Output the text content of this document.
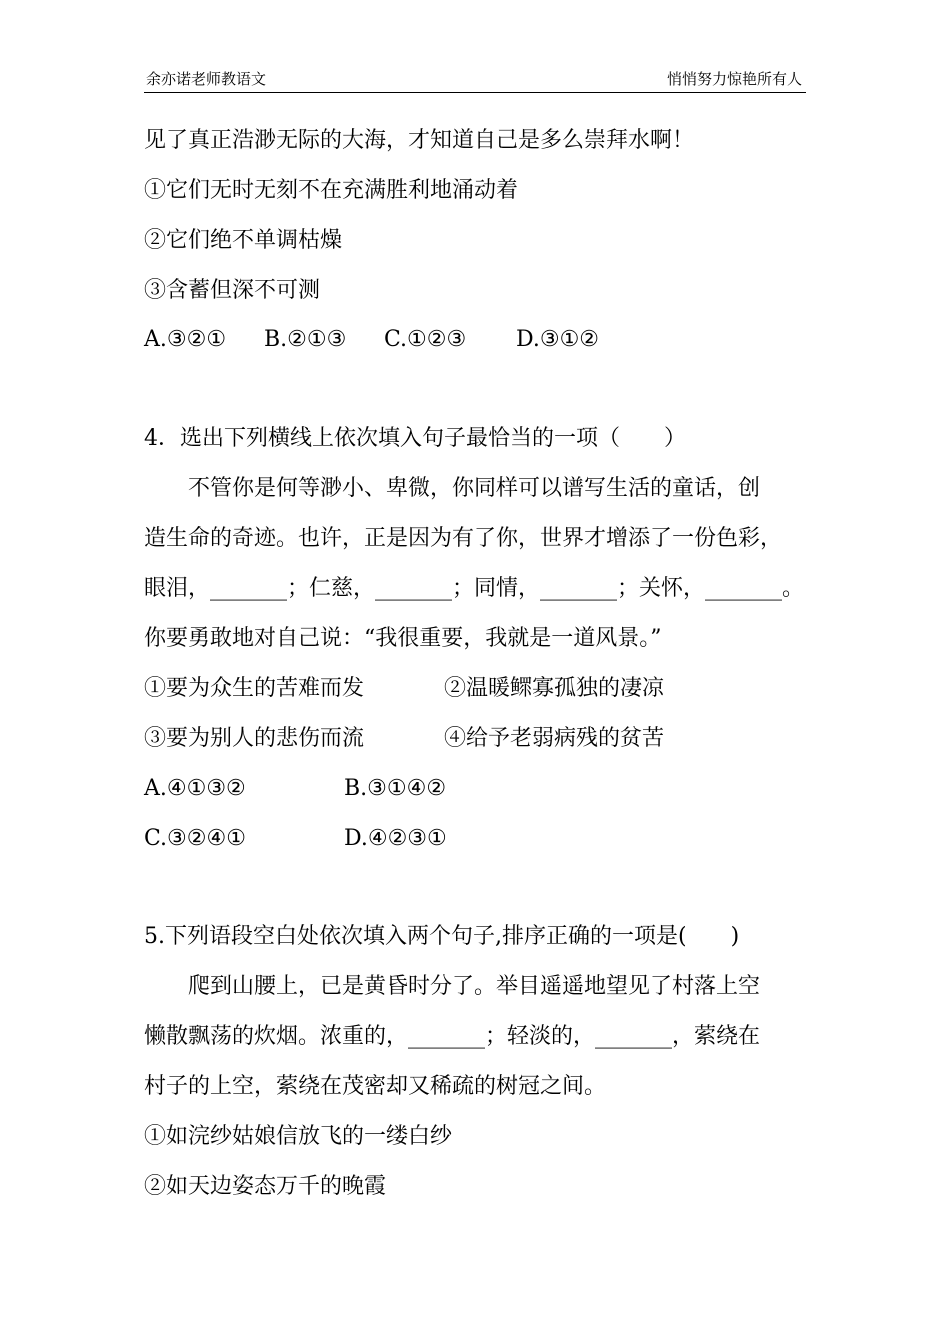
余亦诺老师教语文	悄悄努力惊艳所有人
见了真正浩渺无际的大海，才知道自己是多么崇拜水啊！
①它们无时无刻不在充满胜利地涌动着
②它们绝不单调枯燥
③含蓄但深不可测
A.③②① B.②①③ C.①②③ D.③①②
4．选出下列横线上依次填入句子最恰当的一项（　　）
不管你是何等渺小、卑微，你同样可以谱写生活的童话，创
造生命的奇迹。也许，正是因为有了你，世界才增添了一份色彩，
眼泪，_______；仁慈，_______；同情，_______；关怀，_______。
你要勇敢地对自己说：“我很重要，我就是一道风景。”
①要为众生的苦难而发	②温暖鳏寡孤独的凄凉
③要为别人的悲伤而流	④给予老弱病残的贫苦
A.④①③②	B.③①④②
C.③②④①	D.④②③①
5.下列语段空白处依次填入两个句子,排序正确的一项是(　　)
爬到山腰上，已是黄昏时分了。举目遥遥地望见了村落上空
懒散飘荡的炊烟。浓重的，_______；轻淡的，_______，萦绕在
村子的上空，萦绕在茂密却又稀疏的树冠之间。
①如浣纱姑娘信放飞的一缕白纱
②如天边姿态万千的晚霞
